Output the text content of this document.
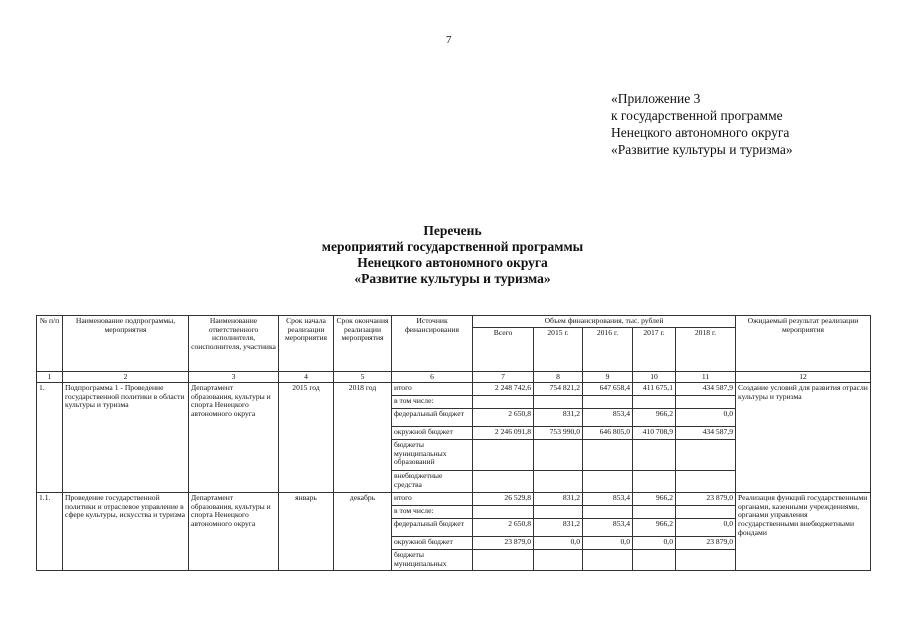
7
«Приложение 3
к государственной программе
Ненецкого автономного округа
«Развитие культуры и туризма»
Перечень
мероприятий государственной программы
Ненецкого автономного округа
«Развитие культуры и туризма»
№ п/п	Наименование подпрограммы, мероприятия	Наименование ответственного исполнителя, соисполнителя, участника	Срок начала реализации мероприятия	Срок окончания реализации мероприятия	Источник финансирования	Объем финансирования, тыс. рублей					Ожидаемый результат реализации мероприятия
						Всего	2015 г.	2016 г.	2017 г.	2018 г.	
1	2	3	4	5	6	7	8	9	10	11	12
1.	Подпрограмма 1 - Проведение государственной политики в области культуры и туризма	Департамент образования, культуры и спорта Ненецкого автономного округа	2015 год	2018 год	итого	2 248 742,6	754 821,2	647 658,4	411 675,1	434 587,9	Создание условий для развития отрасли культуры и туризма
					в том числе:						
					федеральный бюджет	2 650,8	831,2	853,4	966,2	0,0	
					окружной бюджет	2 246 091,8	753 990,0	646 805,0	410 708,9	434 587,9	
					бюджеты муниципальных образований						
					внебюджетные средства						
1.1.	Проведение государственной политики и отраслевое управление в сфере культуры, искусства и туризма	Департамент образования, культуры и спорта Ненецкого автономного округа	январь	декабрь	итого	26 529,8	831,2	853,4	966,2	23 879,0	Реализация функций государственными органами, казенными учреждениями, органами управления государственными внебюджетными фондами
					в том числе:						
					федеральный бюджет	2 650,8	831,2	853,4	966,2	0,0	
					окружной бюджет	23 879,0	0,0	0,0	0,0	23 879,0	
					бюджеты муниципальных						
